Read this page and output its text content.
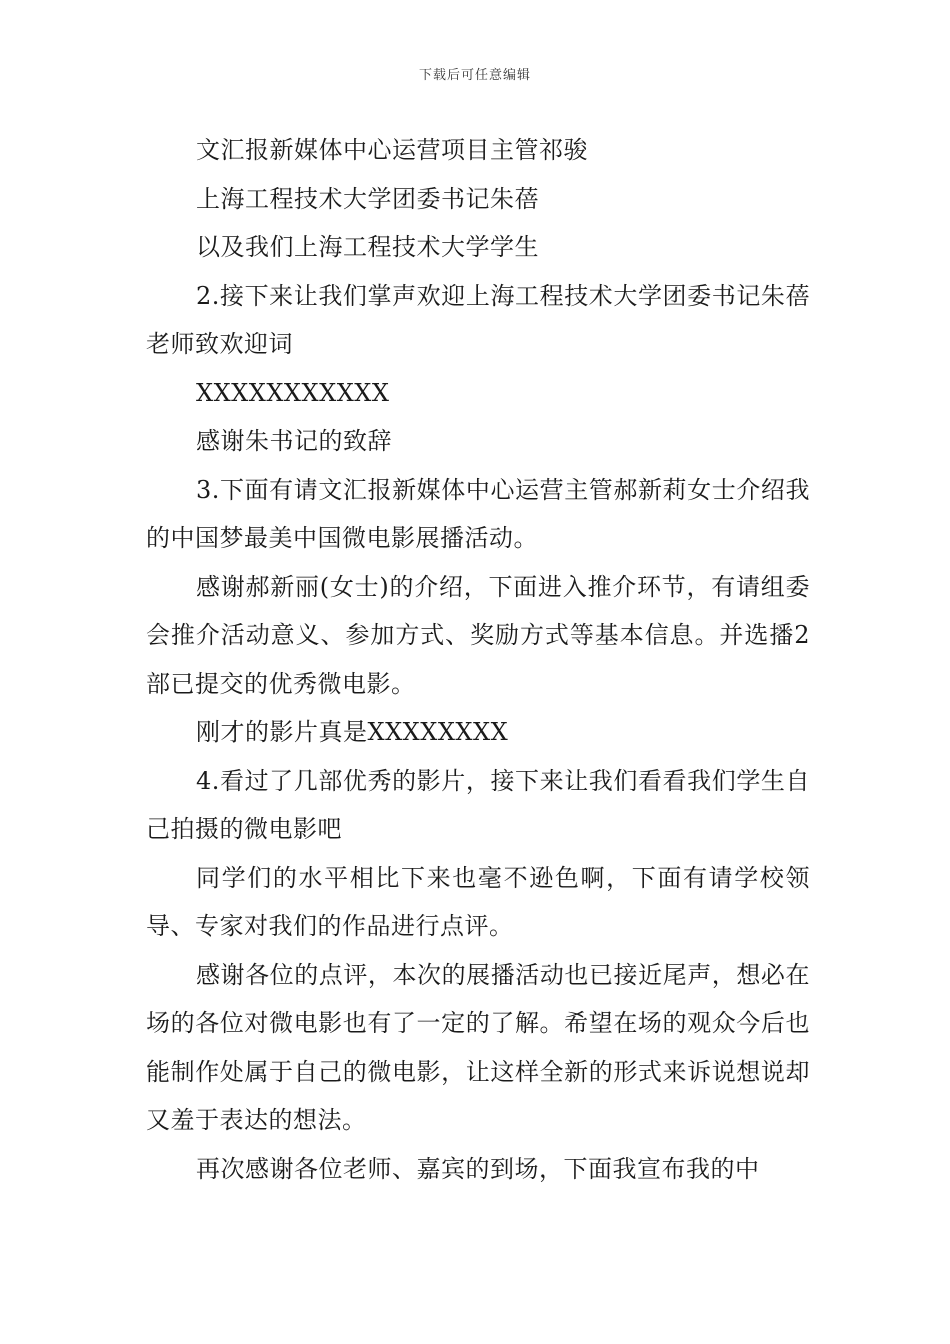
下载后可任意编辑

文汇报新媒体中心运营项目主管祁骏

上海工程技术大学团委书记朱蓓

以及我们上海工程技术大学学生

2.接下来让我们掌声欢迎上海工程技术大学团委书记朱蓓老师致欢迎词

XXXXXXXXXXX

感谢朱书记的致辞

3.下面有请文汇报新媒体中心运营主管郝新莉女士介绍我的中国梦最美中国微电影展播活动。

感谢郝新丽(女士)的介绍，下面进入推介环节，有请组委会推介活动意义、参加方式、奖励方式等基本信息。并选播2部已提交的优秀微电影。

刚才的影片真是XXXXXXXX

4.看过了几部优秀的影片，接下来让我们看看我们学生自己拍摄的微电影吧

同学们的水平相比下来也毫不逊色啊，下面有请学校领导、专家对我们的作品进行点评。

感谢各位的点评，本次的展播活动也已接近尾声，想必在场的各位对微电影也有了一定的了解。希望在场的观众今后也能制作处属于自己的微电影，让这样全新的形式来诉说想说却又羞于表达的想法。

再次感谢各位老师、嘉宾的到场，下面我宣布我的中
